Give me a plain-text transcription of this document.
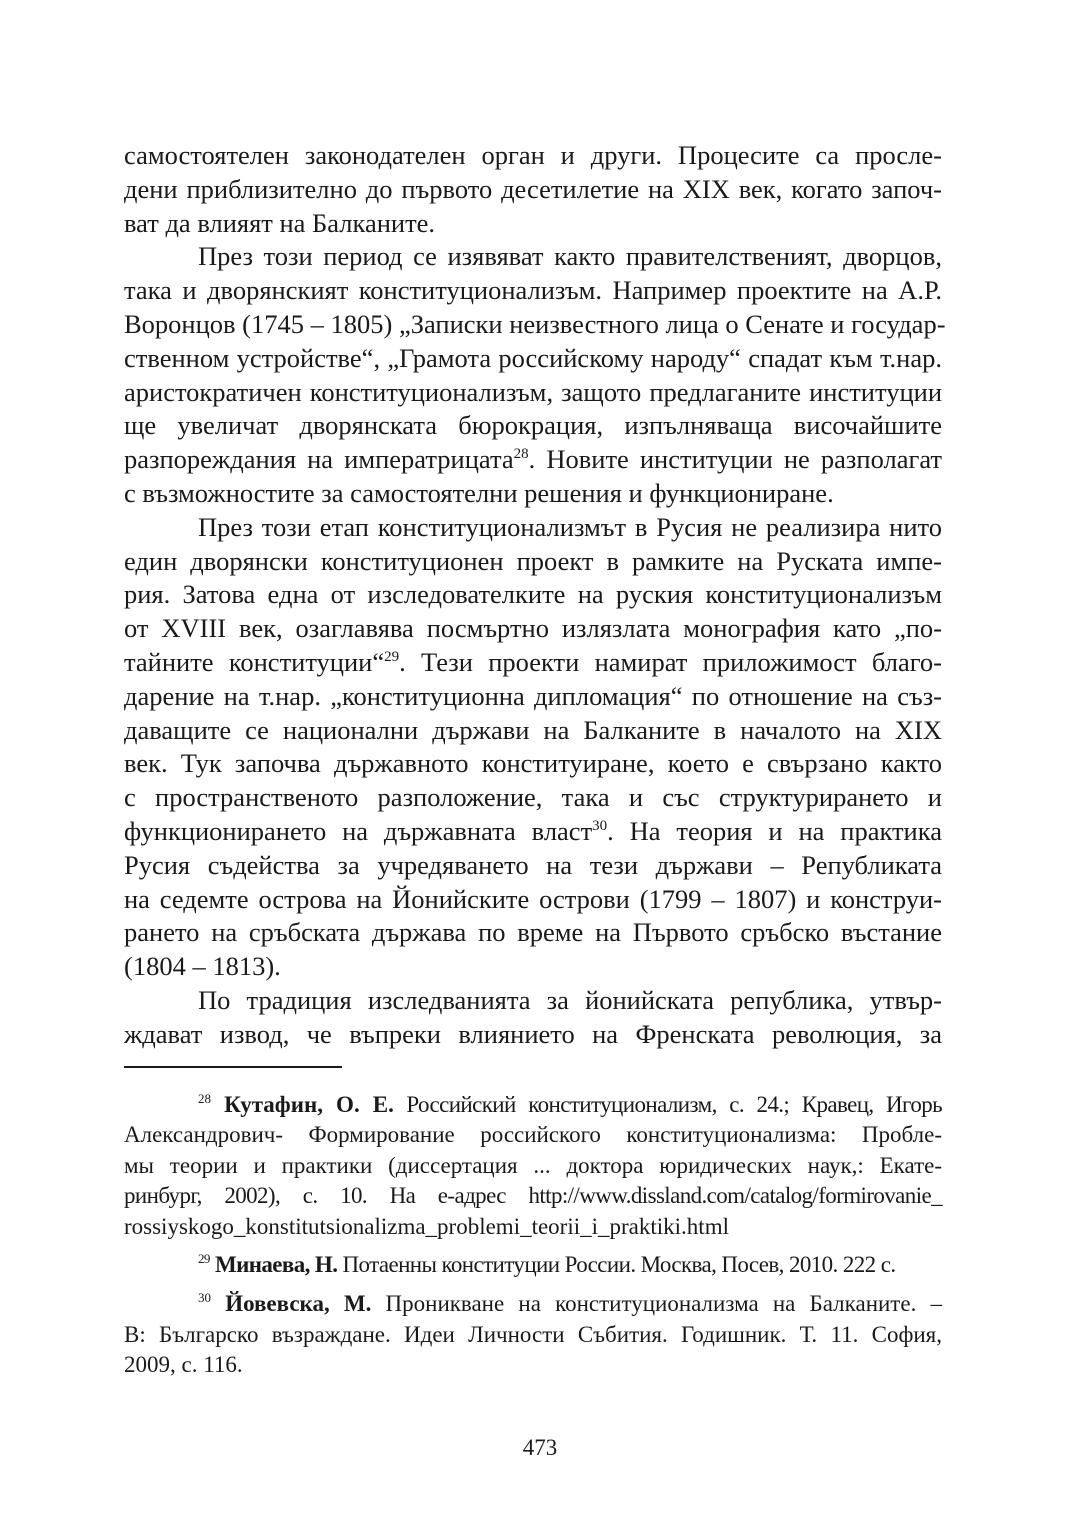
самостоятелен законодателен орган и други. Процесите са просле-
дени приблизително до първото десетилетие на XIX век, когато започ-
ват да влияят на Балканите.
През този период се изявяват както правителственият, дворцов,
така и дворянският конституционализъм. Например проектите на А.Р.
Воронцов (1745 – 1805) „Записки неизвестного лица о Сенате и государ-
ственном устройстве“, „Грамота российскому народу“ спадат към т.нар.
аристократичен конституционализъм, защото предлаганите институции
ще увеличат дворянската бюрокрация, изпълняваща височайшите
разпореждания на императрицата$^{28}$. Новите институции не разполагат
с възможностите за самостоятелни решения и функциониране.
През този етап конституционализмът в Русия не реализира нито
един дворянски конституционен проект в рамките на Руската импе-
рия. Затова една от изследователките на руския конституционализъм
от XVIII век, озаглавява посмъртно излязлата монография като „по-
тайните конституции“$^{29}$. Тези проекти намират приложимост благо-
дарение на т.нар. „конституционна дипломация“ по отношение на съз-
даващите се национални държави на Балканите в началото на XIX
век. Тук започва държавното конституиране, което е свързано както
с пространственото разположение, така и със структурирането и
функционирането на държавната власт$^{30}$. На теория и на практика
Русия съдейства за учредяването на тези държави – Републиката
на седемте острова на Йонийските острови (1799 – 1807) и конструи-
рането на сръбската държава по време на Първото сръбско въстание
(1804 – 1813).
По традиция изследванията за йонийската република, утвър-
ждават извод, че въпреки влиянието на Френската революция, за
$^{28}$ Кутафин, О. Е. Российский конституционализм, с. 24.; Кравец, Игорь
Александрович- Формирование российского конституционализма: Пробле-
мы теории и практики (диссертация ... доктора юридических наук,: Екате-
ринбург, 2002), с. 10. На е-адрес http://www.dissland.com/catalog/formirovanie_
rossiyskogo_konstitutsionalizma_problemi_teorii_i_praktiki.html
$^{29}$ Минаева, Н. Потаенны конституции России. Москва, Посев, 2010. 222 с.
$^{30}$ Йовевска, М. Проникване на конституционализма на Балканите. –
В: Българско възраждане. Идеи Личности Събития. Годишник. Т. 11. София,
2009, с. 116.
473
